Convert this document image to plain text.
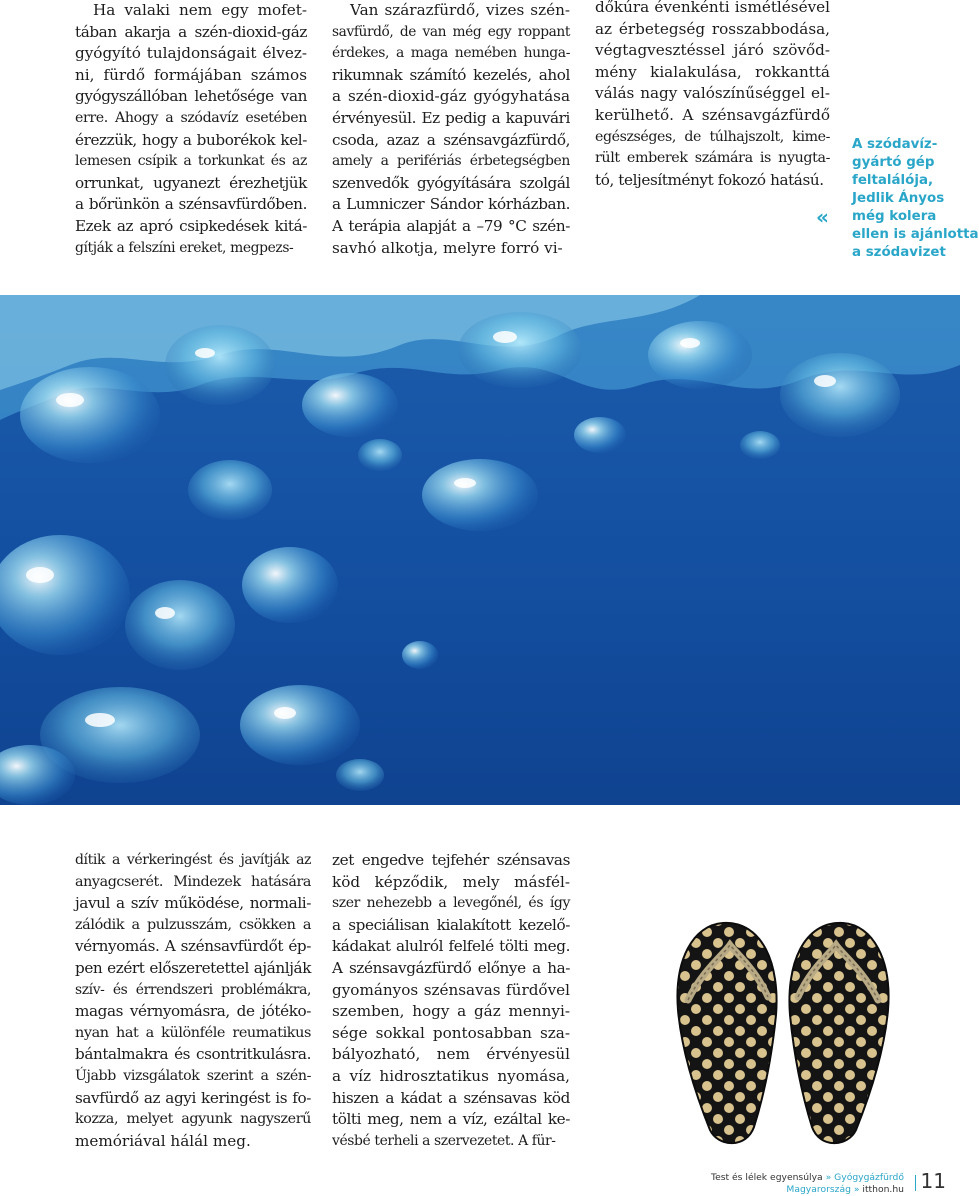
Ha valaki nem egy mofet-
tában akarja a szén-dioxid-gáz
gyógyító tulajdonságait élvez-
ni, fürdő formájában számos
gyógyszállóban lehetősége van
erre. Ahogy a szódavíz esetében
érezzük, hogy a buborékok kel-
lemesen csípik a torkunkat és az
orrunkat, ugyanezt érezhetjük
a bőrünkön a szénsavfürdőben.
Ezek az apró csipkedések kitá-
gítják a felszíni ereket, megpezs-
Van szárazfürdő, vizes szén-
savfürdő, de van még egy roppant
érdekes, a maga nemében hunga-
rikumnak számító kezelés, ahol
a szén-dioxid-gáz gyógyhatása
érvényesül. Ez pedig a kapuvári
csoda, azaz a szénsavgázfürdő,
amely a perifériás érbetegségben
szenvedők gyógyítására szolgál
a Lumniczer Sándor kórházban.
A terápia alapját a –79 °C szén-
savhó alkotja, melyre forró vi-
dőkúra évenkénti ismétlésével
az érbetegség rosszabbodása,
végtagvesztéssel járó szövőd-
mény kialakulása, rokkanttá
válás nagy valószínűséggel el-
kerülhető. A szénsavgázfürdő
egészséges, de túlhajszolt, kime-
rült emberek számára is nyugta-
tó, teljesítményt fokozó hatású.
«
A szódavíz-
gyártó gép
feltalálója,
Jedlik Ányos
még kolera
ellen is ajánlotta
a szódavizet
dítik a vérkeringést és javítják az
anyagcserét. Mindezek hatására
javul a szív működése, normali-
zálódik a pulzusszám, csökken a
vérnyomás. A szénsavfürdőt ép-
pen ezért előszeretettel ajánlják
szív- és érrendszeri problémákra,
magas vérnyomásra, de jótéko-
nyan hat a különféle reumatikus
bántalmakra és csontritkulásra.
Újabb vizsgálatok szerint a szén-
savfürdő az agyi keringést is fo-
kozza, melyet agyunk nagyszerű
memóriával hálál meg.
zet engedve tejfehér szénsavas
köd képződik, mely másfél-
szer nehezebb a levegőnél, és így
a speciálisan kialakított kezelő-
kádakat alulról felfelé tölti meg.
A szénsavgázfürdő előnye a ha-
gyományos szénsavas fürdővel
szemben, hogy a gáz mennyi-
sége sokkal pontosabban sza-
bályozható, nem érvényesül
a víz hidrosztatikus nyomása,
hiszen a kádat a szénsavas köd
tölti meg, nem a víz, ezáltal ke-
vésbé terheli a szervezetet. A für-
Test és lélek egyensúlya » Gyógygázfürdő
Magyarország » itthon.hu 11
